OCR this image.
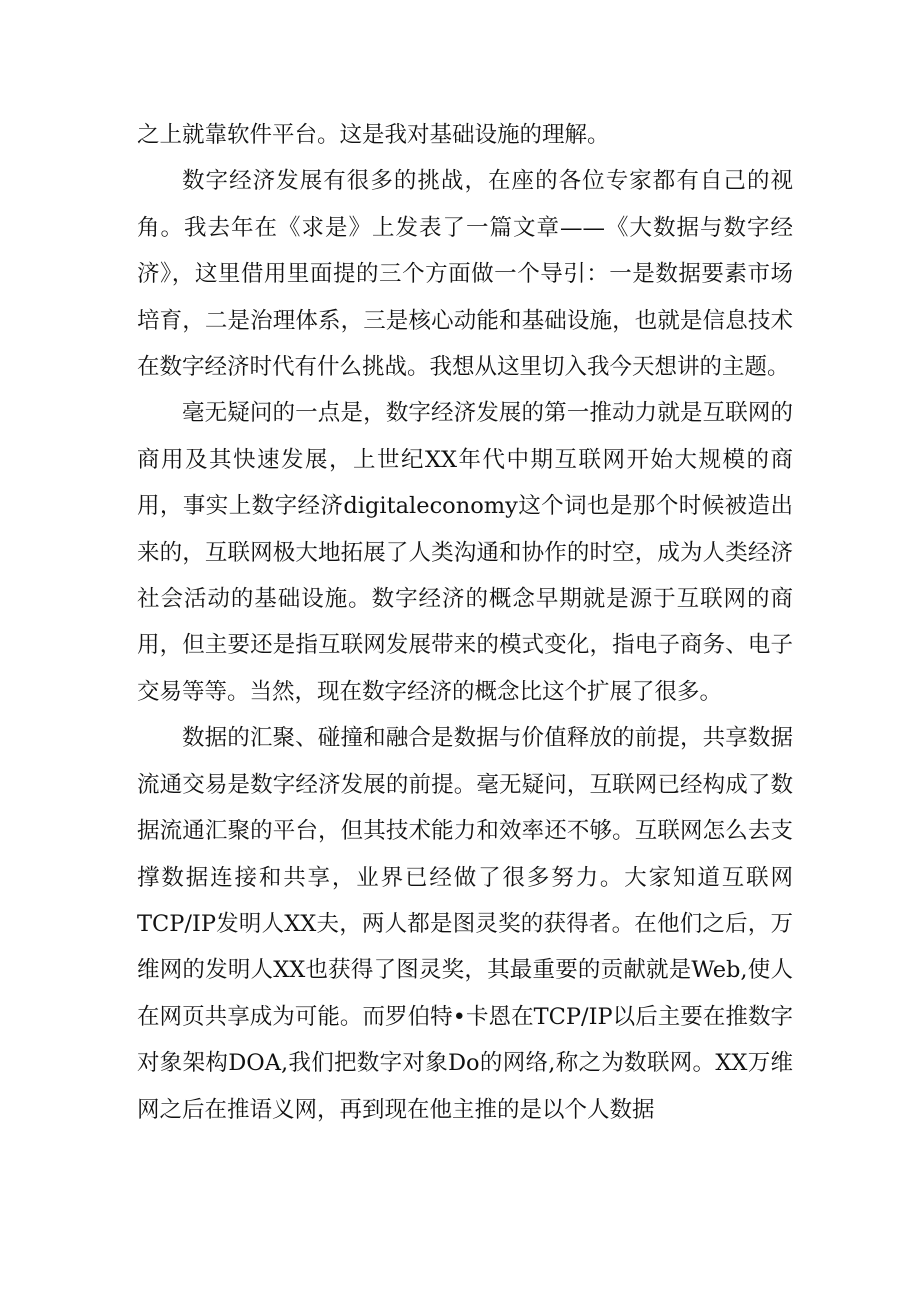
之上就靠软件平台。这是我对基础设施的理解。

数字经济发展有很多的挑战，在座的各位专家都有自己的视角。我去年在《求是》上发表了一篇文章——《大数据与数字经济》，这里借用里面提的三个方面做一个导引：一是数据要素市场培育，二是治理体系，三是核心动能和基础设施，也就是信息技术在数字经济时代有什么挑战。我想从这里切入我今天想讲的主题。

毫无疑问的一点是，数字经济发展的第一推动力就是互联网的商用及其快速发展，上世纪XX年代中期互联网开始大规模的商用，事实上数字经济digitaleconomy这个词也是那个时候被造出来的，互联网极大地拓展了人类沟通和协作的时空，成为人类经济社会活动的基础设施。数字经济的概念早期就是源于互联网的商用，但主要还是指互联网发展带来的模式变化，指电子商务、电子交易等等。当然，现在数字经济的概念比这个扩展了很多。

数据的汇聚、碰撞和融合是数据与价值释放的前提，共享数据流通交易是数字经济发展的前提。毫无疑问，互联网已经构成了数据流通汇聚的平台，但其技术能力和效率还不够。互联网怎么去支撑数据连接和共享，业界已经做了很多努力。大家知道互联网TCP/IP发明人XX夫，两人都是图灵奖的获得者。在他们之后，万维网的发明人XX也获得了图灵奖，其最重要的贡献就是Web,使人在网页共享成为可能。而罗伯特•卡恩在TCP/IP以后主要在推数字对象架构DOA,我们把数字对象Do的网络,称之为数联网。XX万维网之后在推语义网，再到现在他主推的是以个人数据
